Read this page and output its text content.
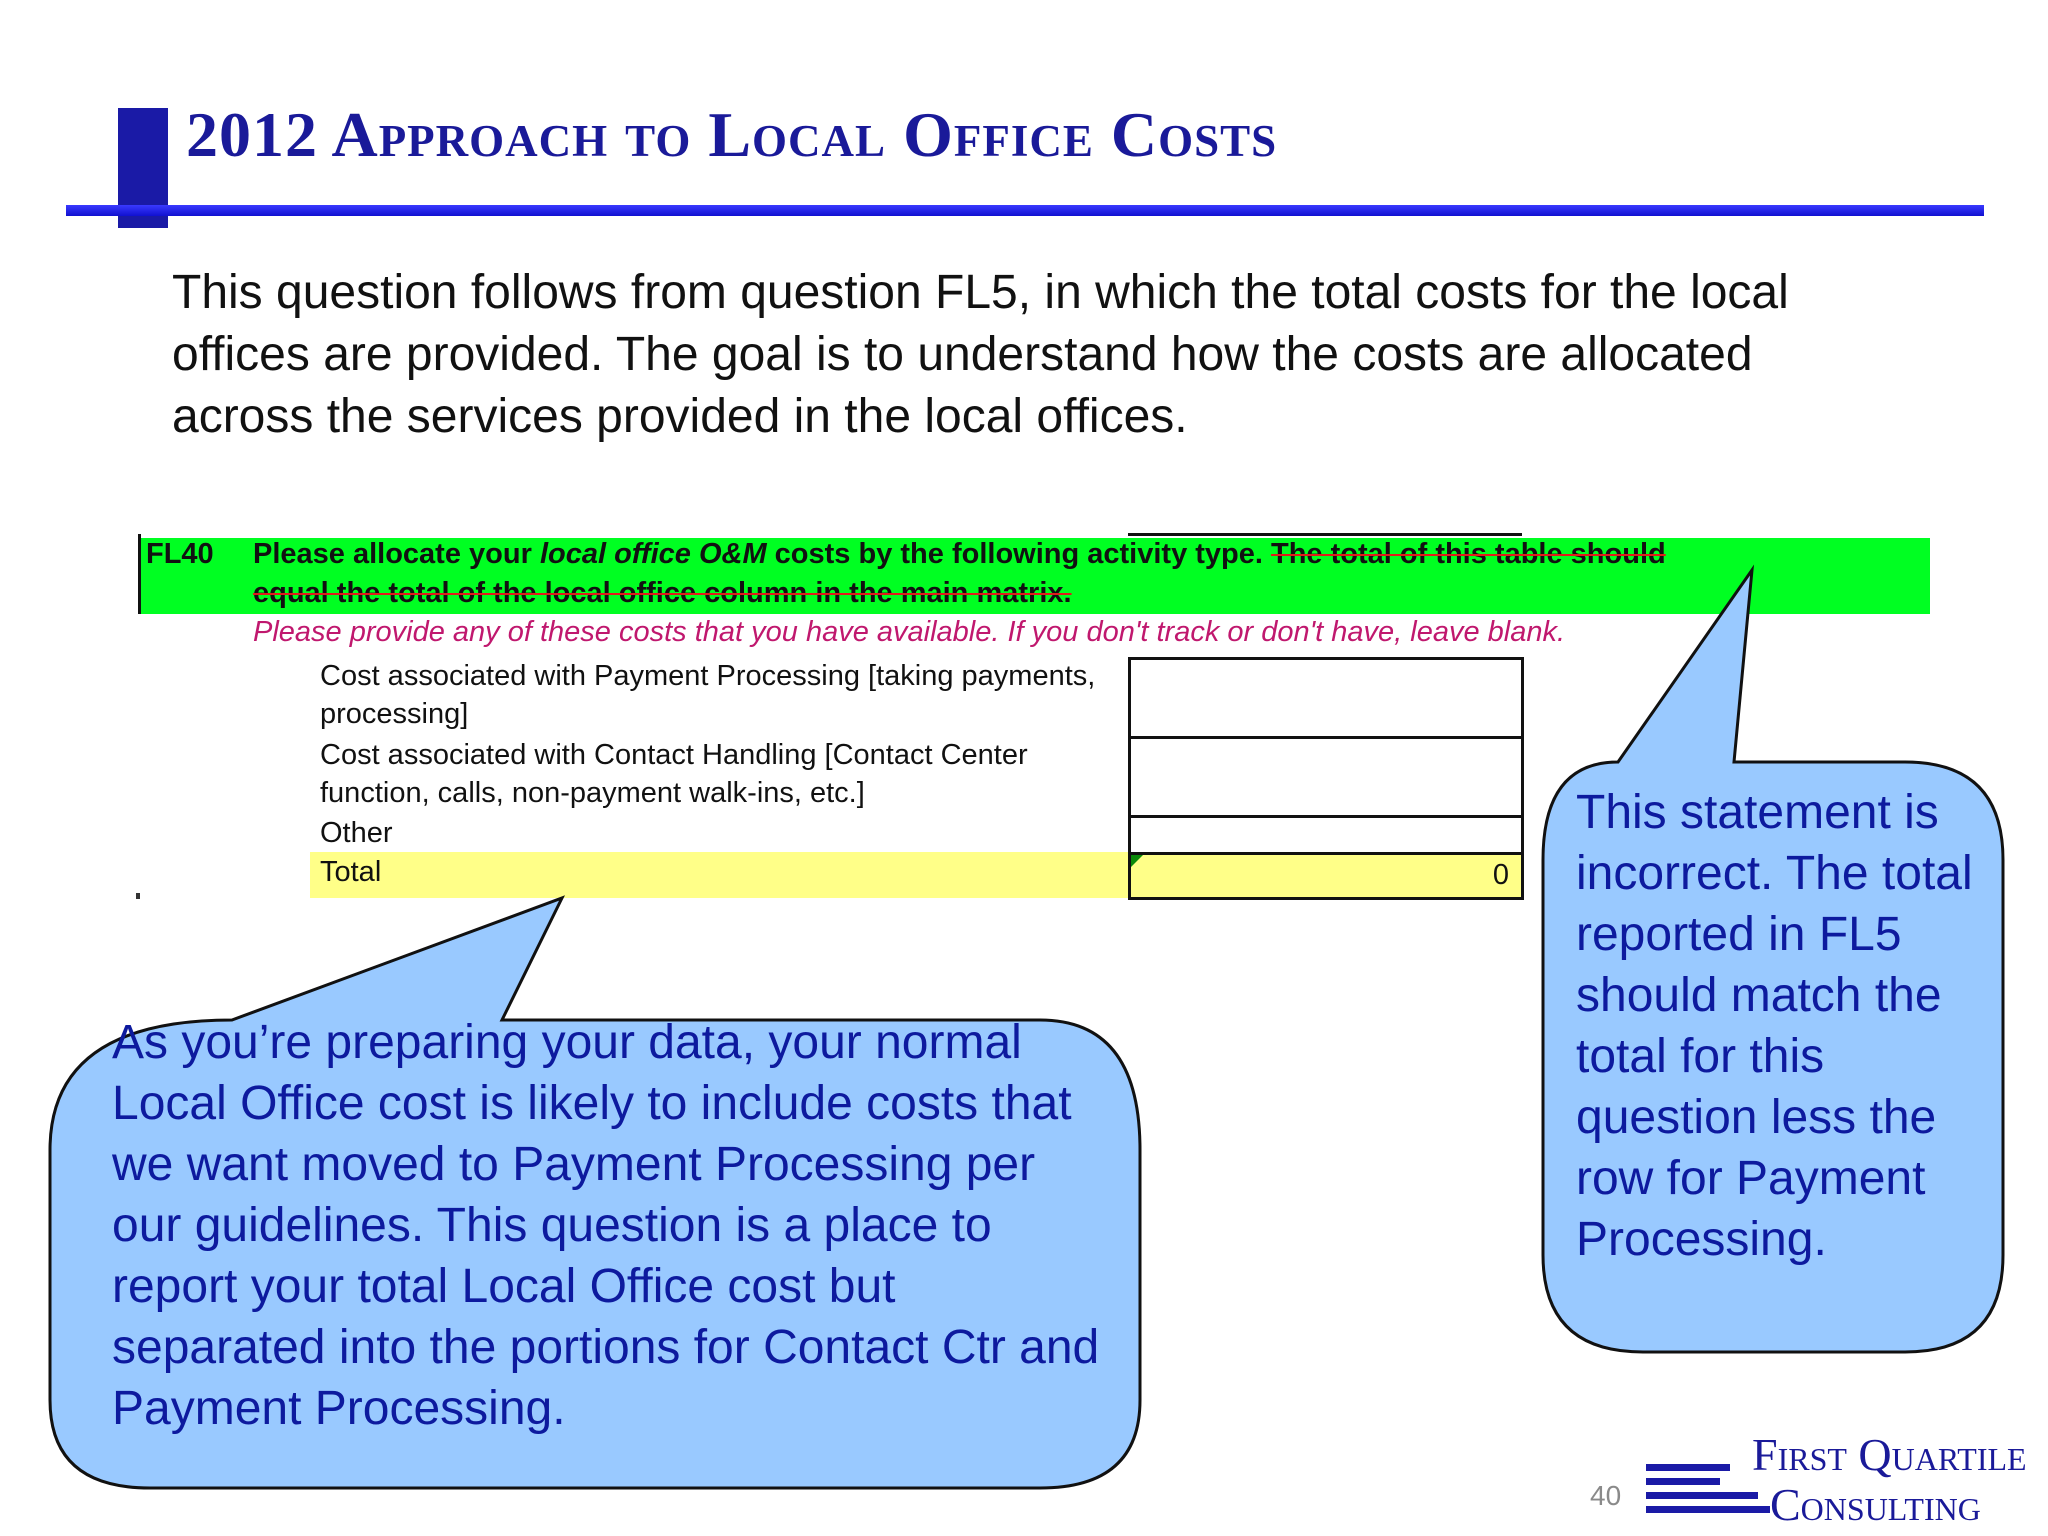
2012 Approach to Local Office Costs
This question follows from question FL5, in which the total costs for the local offices are provided. The goal is to understand how the costs are allocated across the services provided in the local offices.
FL40 Please allocate your local office O&M costs by the following activity type. The total of this table should
equal the total of the local office column in the main matrix.
Please provide any of these costs that you have available. If you don't track or don't have, leave blank.
Cost associated with Payment Processing [taking payments, processing]
Cost associated with Contact Handling [Contact Center function, calls, non-payment walk-ins, etc.]
Other
Total	0
As you’re preparing your data, your normal Local Office cost is likely to include costs that we want moved to Payment Processing per our guidelines. This question is a place to report your total Local Office cost but separated into the portions for Contact Ctr and Payment Processing.
This statement is incorrect. The total reported in FL5 should match the total for this question less the row for Payment Processing.
40
First Quartile
Consulting
